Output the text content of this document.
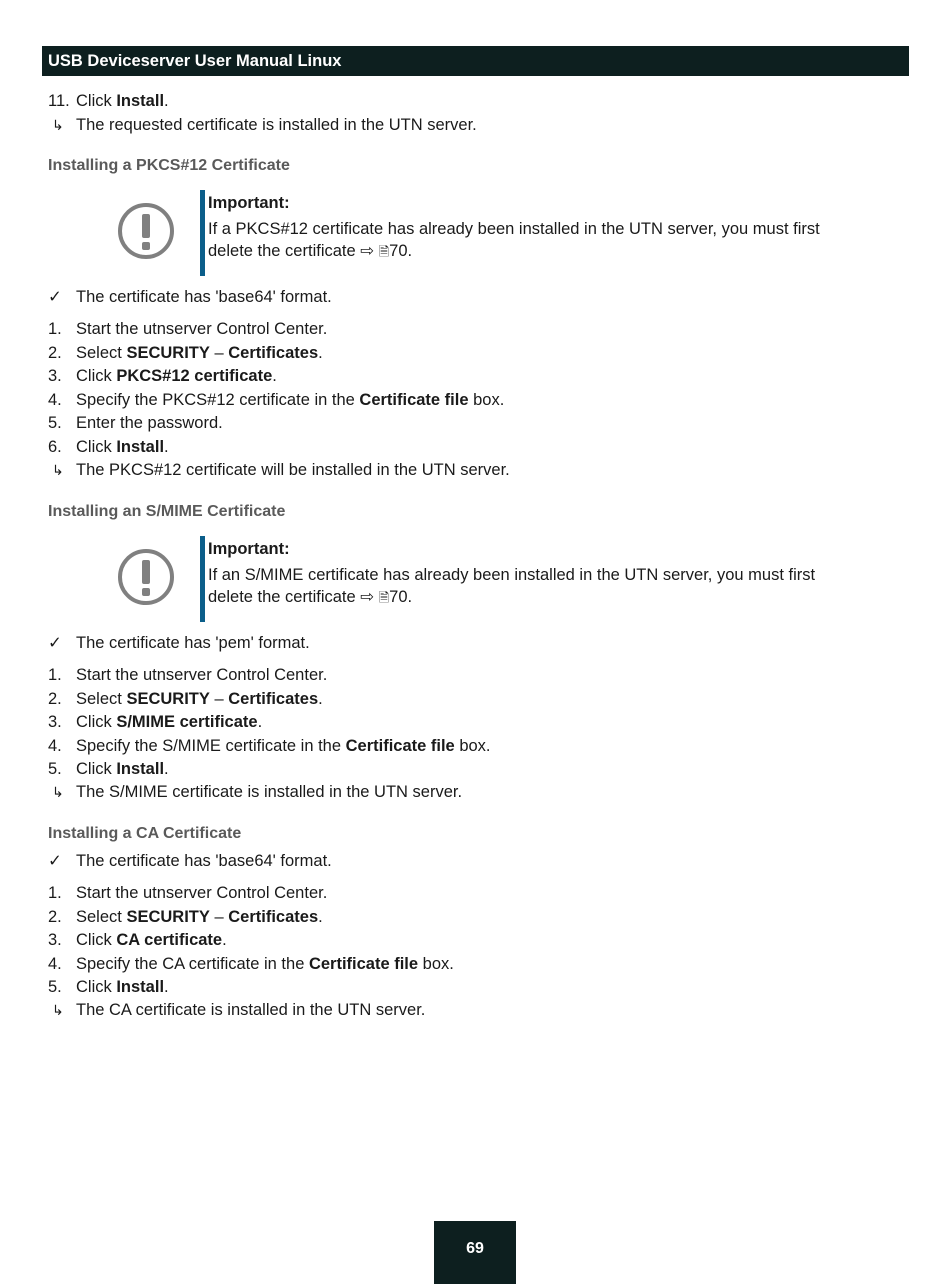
USB Deviceserver User Manual Linux
11. Click Install.
↳ The requested certificate is installed in the UTN server.
Installing a PKCS#12 Certificate
Important:
If a PKCS#12 certificate has already been installed in the UTN server, you must first delete the certificate ⇨ 🗎70.
✓ The certificate has 'base64' format.
1. Start the utnserver Control Center.
2. Select SECURITY – Certificates.
3. Click PKCS#12 certificate.
4. Specify the PKCS#12 certificate in the Certificate file box.
5. Enter the password.
6. Click Install.
↳ The PKCS#12 certificate will be installed in the UTN server.
Installing an S/MIME Certificate
Important:
If an S/MIME certificate has already been installed in the UTN server, you must first delete the certificate ⇨ 🗎70.
✓ The certificate has 'pem' format.
1. Start the utnserver Control Center.
2. Select SECURITY – Certificates.
3. Click S/MIME certificate.
4. Specify the S/MIME certificate in the Certificate file box.
5. Click Install.
↳ The S/MIME certificate is installed in the UTN server.
Installing a CA Certificate
✓ The certificate has 'base64' format.
1. Start the utnserver Control Center.
2. Select SECURITY – Certificates.
3. Click CA certificate.
4. Specify the CA certificate in the Certificate file box.
5. Click Install.
↳ The CA certificate is installed in the UTN server.
69
